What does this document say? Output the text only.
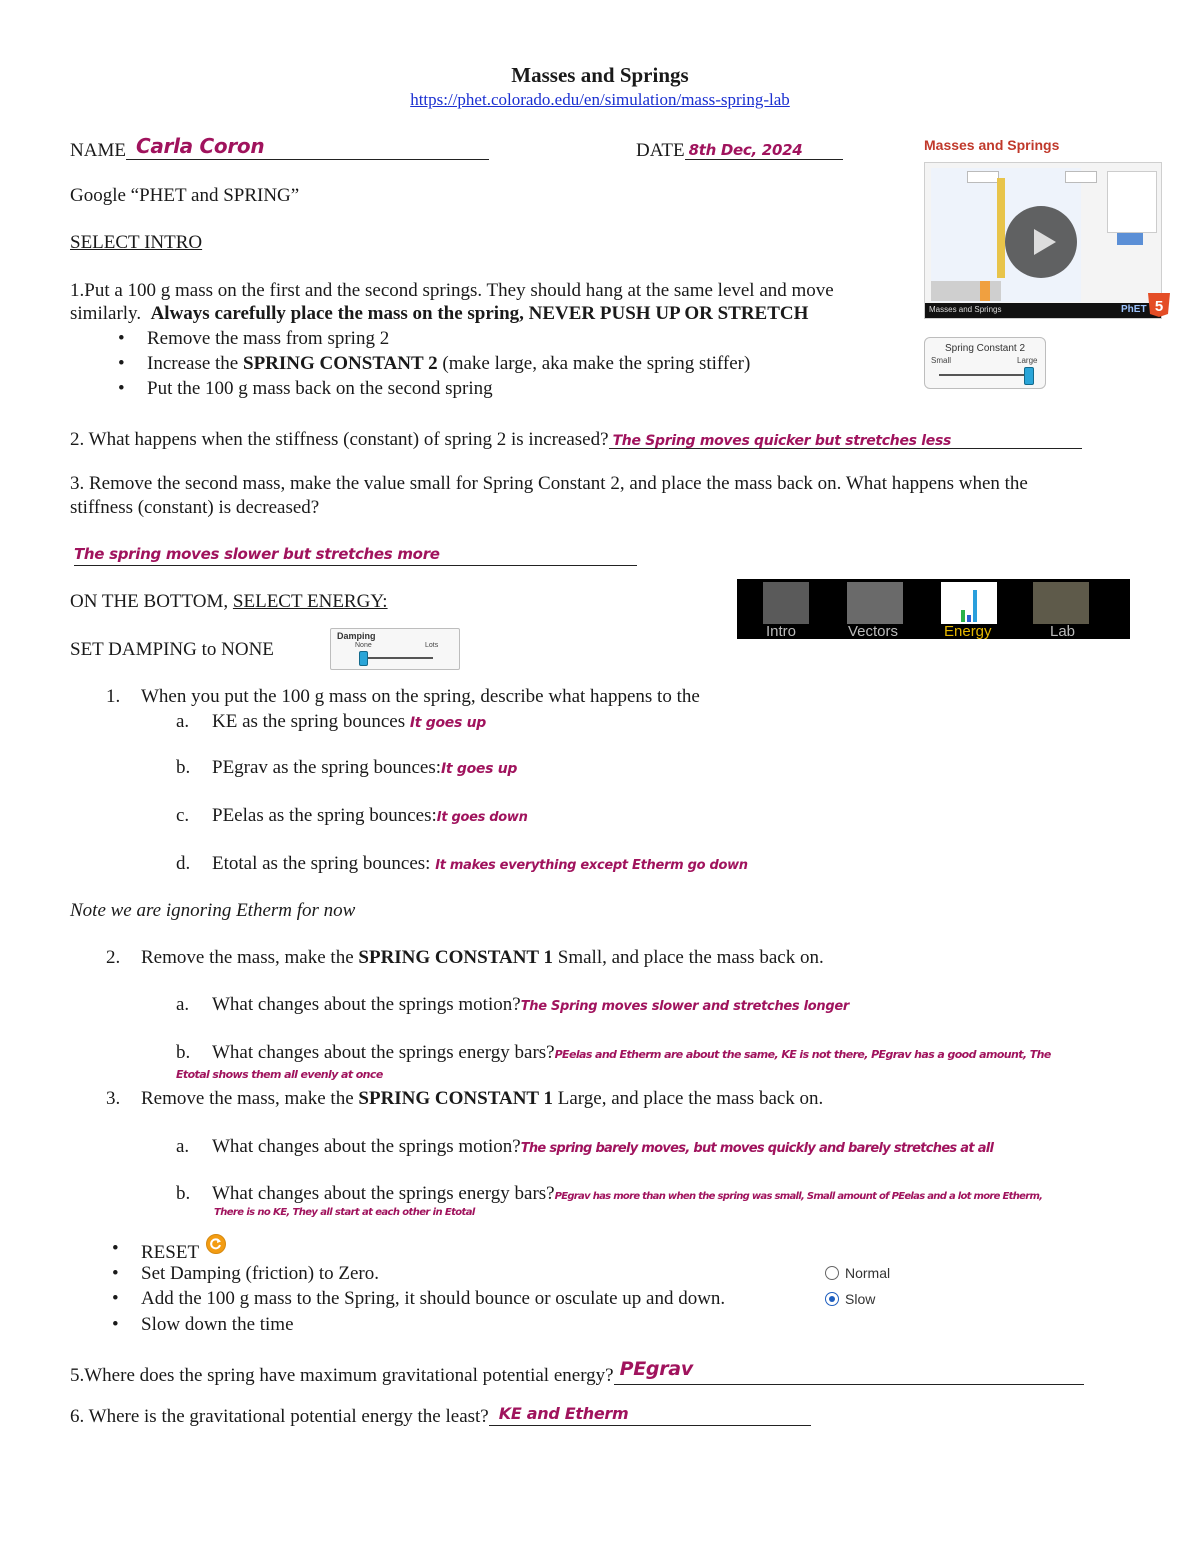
Masses and Springs
https://phet.colorado.edu/en/simulation/mass-spring-lab
NAME Carla Coron	DATE 8th Dec, 2024
Google “PHET and SPRING”
SELECT INTRO
1.Put a 100 g mass on the first and the second springs. They should hang at the same level and move
similarly. Always carefully place the mass on the spring, NEVER PUSH UP OR STRETCH
• Remove the mass from spring 2
• Increase the SPRING CONSTANT 2 (make large, aka make the spring stiffer)
• Put the 100 g mass back on the second spring
2. What happens when the stiffness (constant) of spring 2 is increased? The Spring moves quicker but stretches less
3. Remove the second mass, make the value small for Spring Constant 2, and place the mass back on. What happens when the
stiffness (constant) is decreased?
The spring moves slower but stretches more
ON THE BOTTOM, SELECT ENERGY:
SET DAMPING to NONE
1. When you put the 100 g mass on the spring, describe what happens to the
a. KE as the spring bounces It goes up
b. PEgrav as the spring bounces:It goes up
c. PEelas as the spring bounces:It goes down
d. Etotal as the spring bounces: It makes everything except Etherm go down
Note we are ignoring Etherm for now
2. Remove the mass, make the SPRING CONSTANT 1 Small, and place the mass back on.
a. What changes about the springs motion?The Spring moves slower and stretches longer
b. What changes about the springs energy bars?PEelas and Etherm are about the same, KE is not there, PEgrav has a good amount, The
Etotal shows them all evenly at once
3. Remove the mass, make the SPRING CONSTANT 1 Large, and place the mass back on.
a. What changes about the springs motion?The spring barely moves, but moves quickly and barely stretches at all
b. What changes about the springs energy bars?PEgrav has more than when the spring was small, Small amount of PEelas and a lot more Etherm,
There is no KE, They all start at each other in Etotal
• RESET
• Set Damping (friction) to Zero.
• Add the 100 g mass to the Spring, it should bounce or osculate up and down.
• Slow down the time
5.Where does the spring have maximum gravitational potential energy? PEgrav
6. Where is the gravitational potential energy the least? KE and Etherm
Masses and Springs
Masses and Springs	PhET 5
Spring Constant 2
Small	Large
Intro	Vectors	Energy	Lab
Damping
None	Lots
Normal
Slow
